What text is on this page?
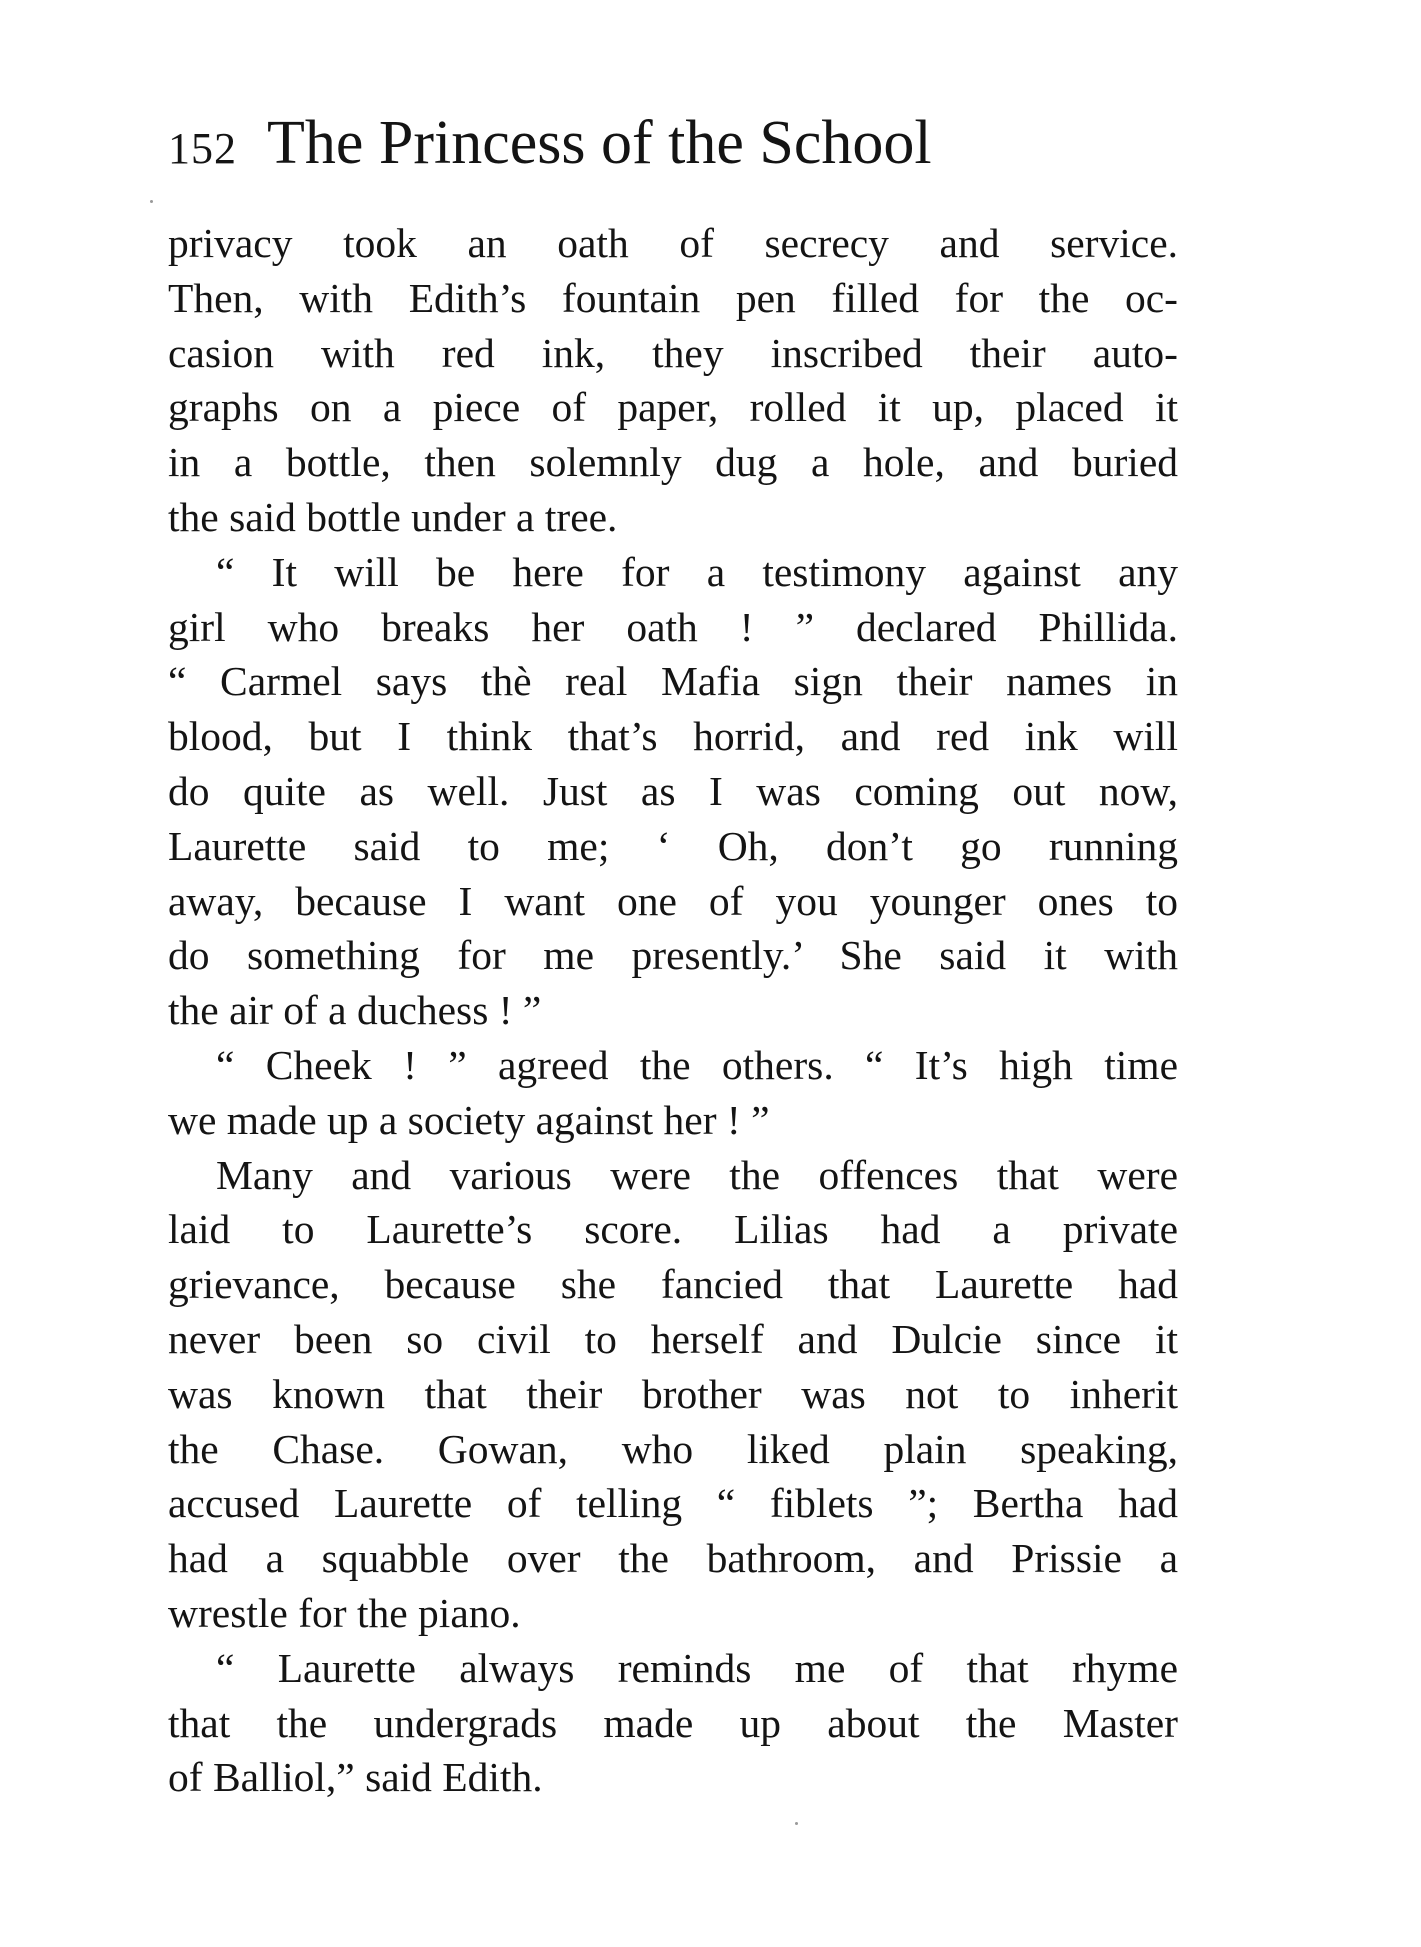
152 The Princess of the School

privacy took an oath of secrecy and service.

Then, with Edith’s fountain pen filled for the oc-

casion with red ink, they inscribed their auto-

graphs on a piece of paper, rolled it up, placed it

in a bottle, then solemnly dug a hole, and buried

the said bottle under a tree.

“ It will be here for a testimony against any

girl who breaks her oath ! ” declared Phillida.

“ Carmel says thè real Mafia sign their names in

blood, but I think that’s horrid, and red ink will

do quite as well. Just as I was coming out now,

Laurette said to me; ‘ Oh, don’t go running

away, because I want one of you younger ones to

do something for me presently.’ She said it with

the air of a duchess ! ”

“ Cheek ! ” agreed the others. “ It’s high time

we made up a society against her ! ”

Many and various were the offences that were

laid to Laurette’s score. Lilias had a private

grievance, because she fancied that Laurette had

never been so civil to herself and Dulcie since it

was known that their brother was not to inherit

the Chase. Gowan, who liked plain speaking,

accused Laurette of telling “ fiblets ”; Bertha had

had a squabble over the bathroom, and Prissie a

wrestle for the piano.

“ Laurette always reminds me of that rhyme

that the undergrads made up about the Master

of Balliol,” said Edith.
